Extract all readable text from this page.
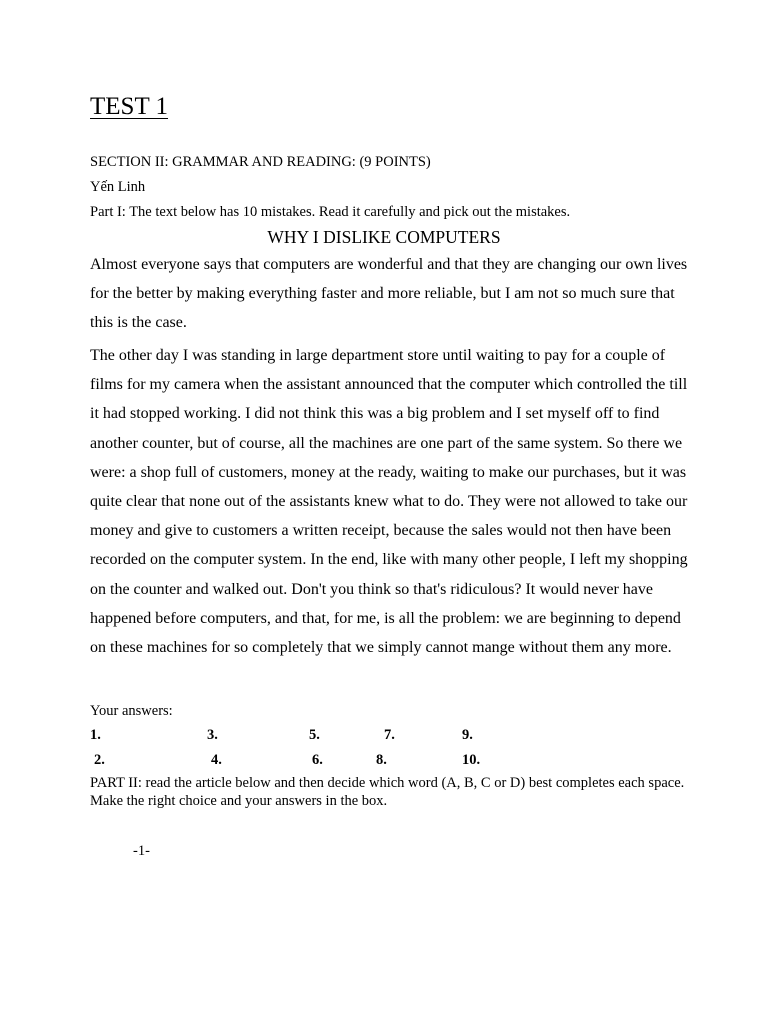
TEST 1
SECTION II: GRAMMAR AND READING: (9 POINTS)
Yến Linh
Part I: The text below has 10 mistakes. Read it carefully and pick out the mistakes.
WHY I DISLIKE COMPUTERS

Almost everyone says that computers are wonderful and that they are changing our own lives for the better by making everything faster and more reliable, but I am not so much sure that this is the case.

The other day I was standing in large department store until waiting to pay for a couple of films for my camera when the assistant announced that the computer which controlled the till it had stopped working. I did not think this was a big problem and I set myself off to find another counter, but of course, all the machines are one part of the same system. So there we were: a shop full of customers, money at the ready, waiting to make our purchases, but it was quite clear that none out of the assistants knew what to do. They were not allowed to take our money and give to customers a written receipt, because the sales would not then have been recorded on the computer system. In the end, like with many other people, I left my shopping on the counter and walked out. Don't you think so that's ridiculous? It would never have happened before computers, and that, for me, is all the problem: we are beginning to depend on these machines for so completely that we simply cannot mange without them any more.

Your answers:
1.	3.	5.	7.	9.
2.	4.	6.	8.	10.

PART II: read the article below and then decide which word (A, B, C or D) best completes each space. Make the right choice and your answers in the box.

-1-
